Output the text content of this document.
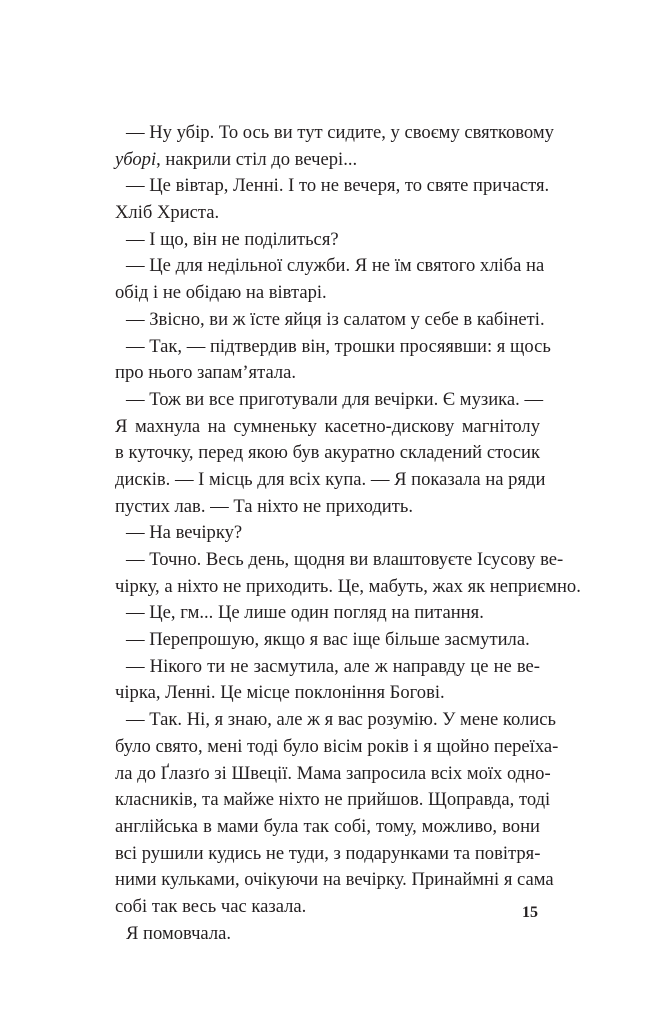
— Ну убір. То ось ви тут сидите, у своєму святковому
уборі, накрили стіл до вечері...
— Це вівтар, Ленні. І то не вечеря, то святе причастя.
Хліб Христа.
— І що, він не поділиться?
— Це для недільної служби. Я не їм святого хліба на
обід і не обідаю на вівтарі.
— Звісно, ви ж їсте яйця із салатом у себе в кабінеті.
— Так, — підтвердив він, трошки просяявши: я щось
про нього запам’ятала.
— Тож ви все приготували для вечірки. Є музика. —
Я махнула на сумненьку касетно-дискову магнітолу
в куточку, перед якою був акуратно складений стосик
дисків. — І місць для всіх купа. — Я показала на ряди
пустих лав. — Та ніхто не приходить.
— На вечірку?
— Точно. Весь день, щодня ви влаштовуєте Ісусову ве-
чірку, а ніхто не приходить. Це, мабуть, жах як неприємно.
— Це, гм... Це лише один погляд на питання.
— Перепрошую, якщо я вас іще більше засмутила.
— Нікого ти не засмутила, але ж направду це не ве-
чірка, Ленні. Це місце поклоніння Богові.
— Так. Ні, я знаю, але ж я вас розумію. У мене колись
було свято, мені тоді було вісім років і я щойно переїха-
ла до Ґлазґо зі Швеції. Мама запросила всіх моїх одно-
класників, та майже ніхто не прийшов. Щоправда, тоді
англійська в мами була так собі, тому, можливо, вони
всі рушили кудись не туди, з подарунками та повітря-
ними кульками, очікуючи на вечірку. Принаймні я сама
собі так весь час казала.
Я помовчала.
15
